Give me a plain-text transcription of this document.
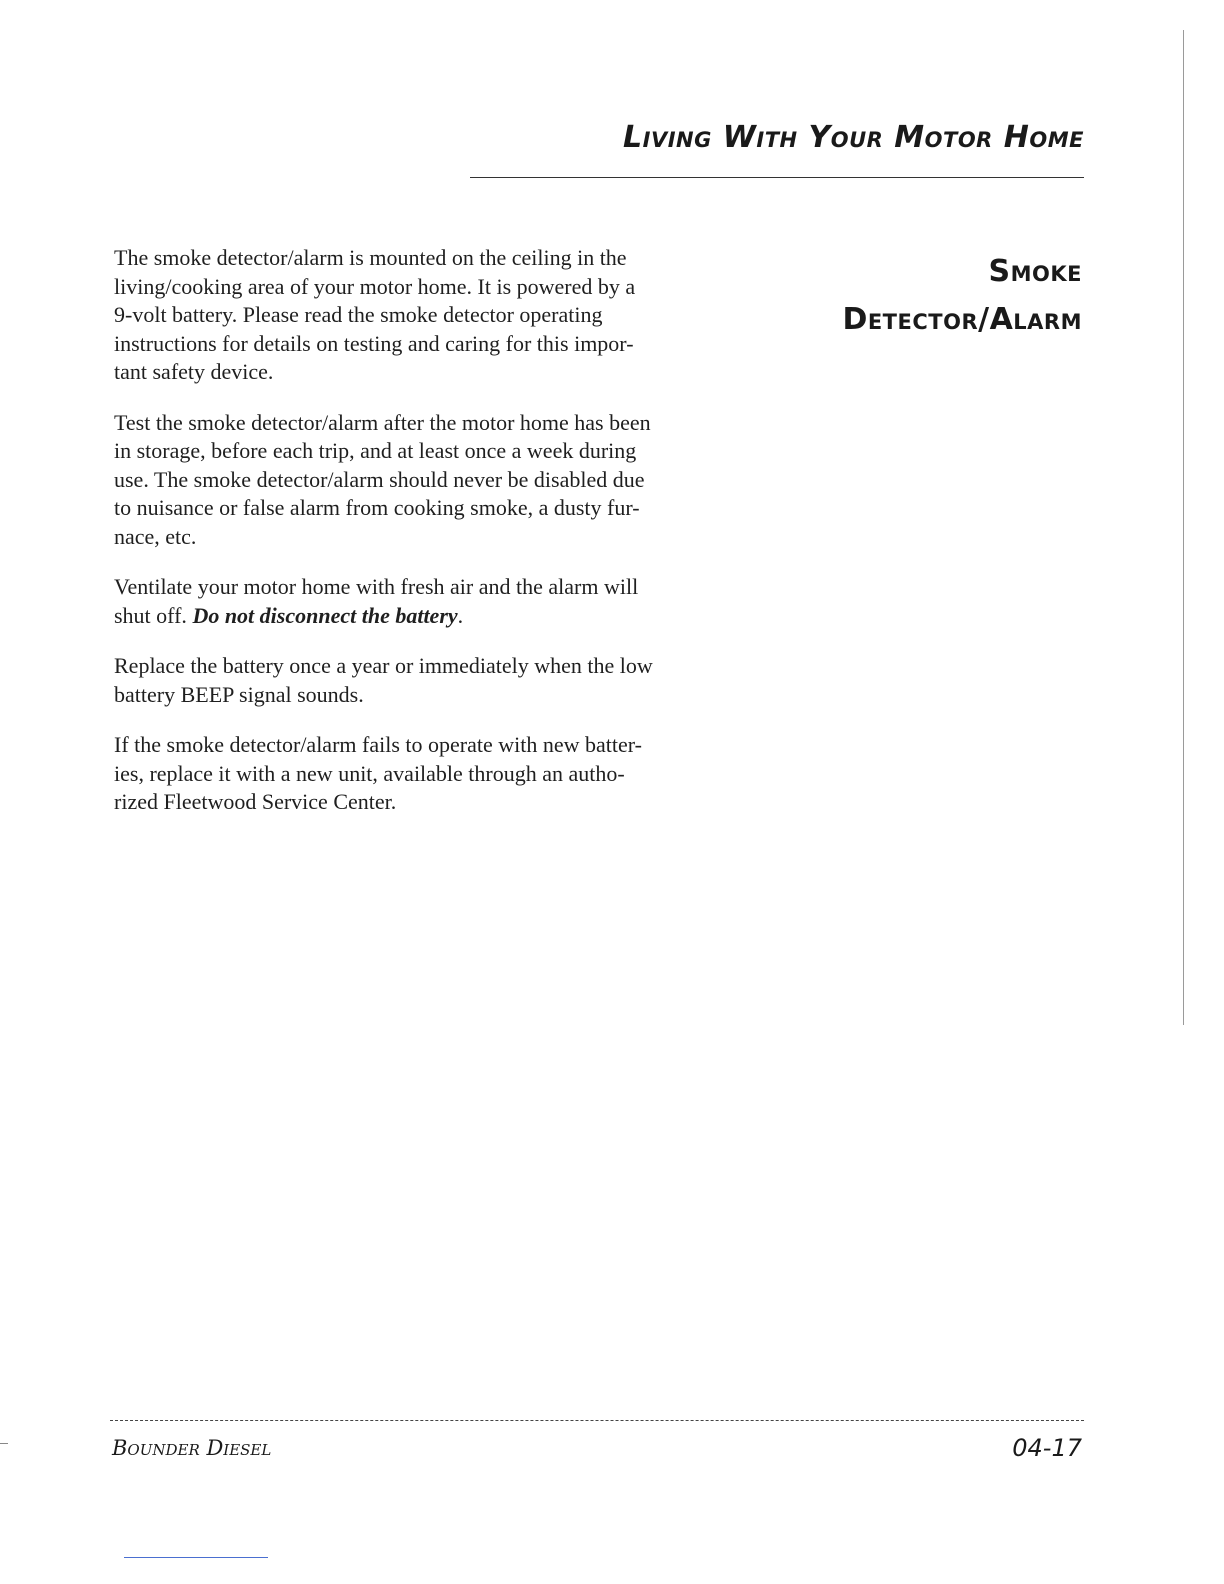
Living With Your Motor Home
Smoke
Detector/Alarm

The smoke detector/alarm is mounted on the ceiling in the
living/cooking area of your motor home. It is powered by a
9-volt battery. Please read the smoke detector operating
instructions for details on testing and caring for this impor-
tant safety device.

Test the smoke detector/alarm after the motor home has been
in storage, before each trip, and at least once a week during
use. The smoke detector/alarm should never be disabled due
to nuisance or false alarm from cooking smoke, a dusty fur-
nace, etc.

Ventilate your motor home with fresh air and the alarm will
shut off. Do not disconnect the battery.

Replace the battery once a year or immediately when the low
battery BEEP signal sounds.

If the smoke detector/alarm fails to operate with new batter-
ies, replace it with a new unit, available through an autho-
rized Fleetwood Service Center.

Bounder Diesel	04-17
